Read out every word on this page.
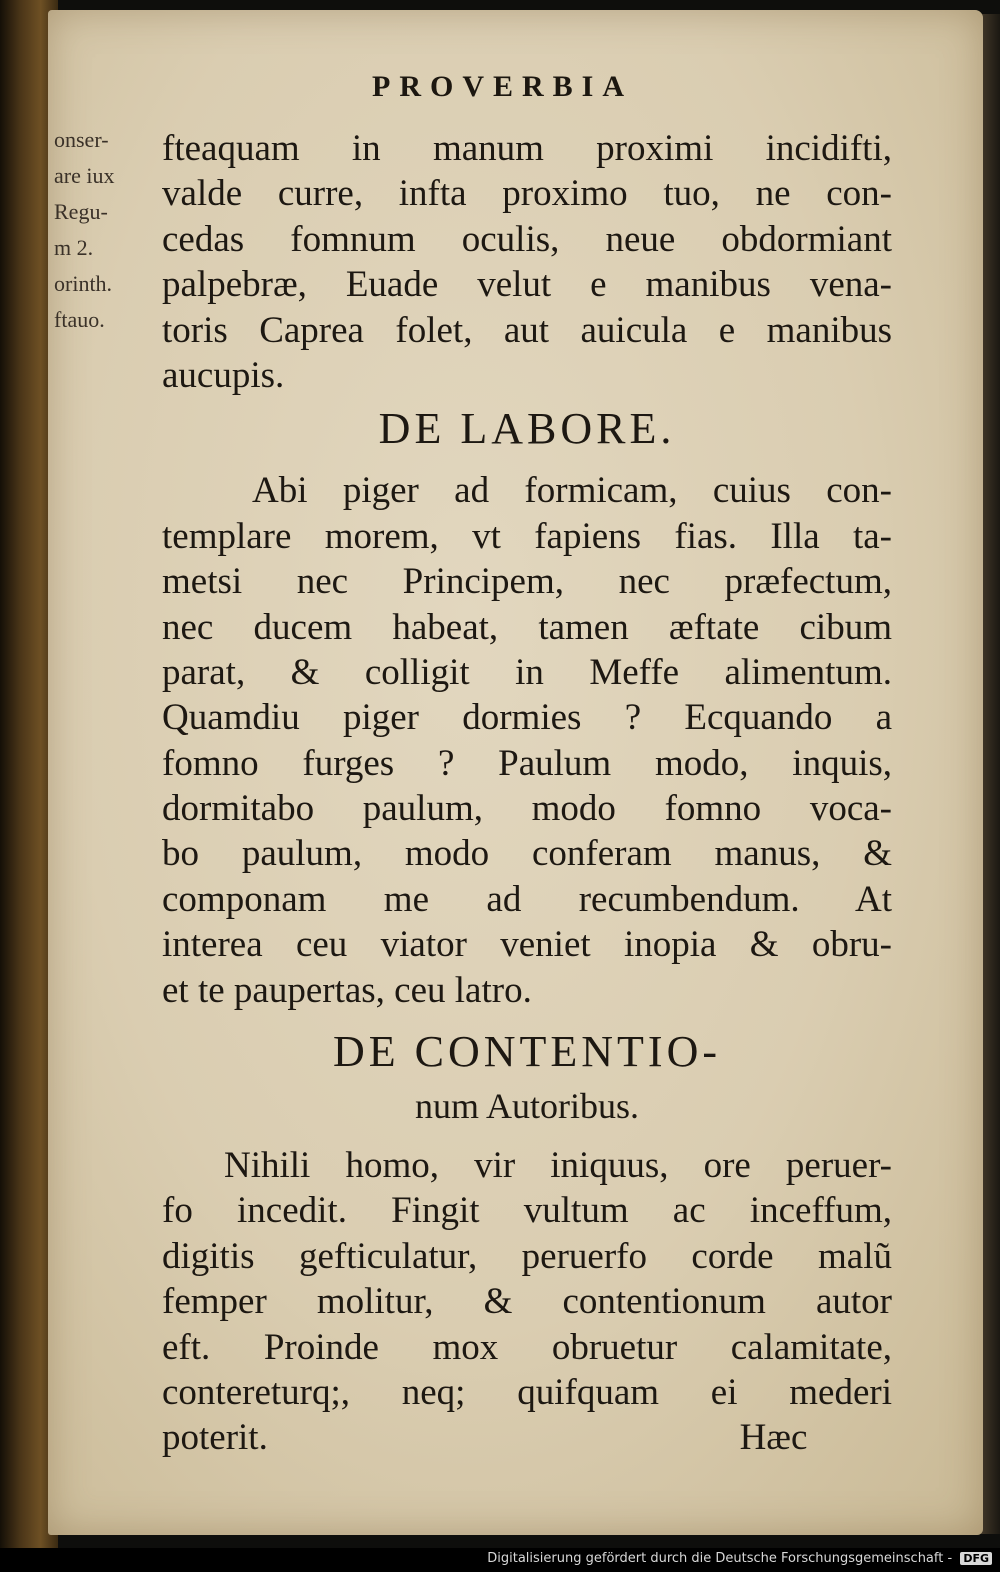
PROVERBIA
onser-
are iux
Regu-
m 2.
orinth.
ftauo.
fteaquam in manum proximi incidifti,
valde curre, infta proximo tuo, ne con-
cedas fomnum oculis, neue obdormiant
palpebræ, Euade velut e manibus vena-
toris Caprea folet, aut auicula e manibus
aucupis.
DE LABORE.
Abi piger ad formicam, cuius con-
templare morem, vt fapiens fias. Illa ta-
metsi nec Principem, nec præfectum,
nec ducem habeat, tamen æftate cibum
parat, & colligit in Meffe alimentum.
Quamdiu piger dormies ? Ecquando a
fomno furges ? Paulum modo, inquis,
dormitabo paulum, modo fomno voca-
bo paulum, modo conferam manus, &
componam me ad recumbendum. At
interea ceu viator veniet inopia & obru-
et te paupertas, ceu latro.
DE CONTENTIO-
num Autoribus.
Nihili homo, vir iniquus, ore peruer-
fo incedit. Fingit vultum ac inceffum,
digitis gefticulatur, peruerfo corde malũ
femper molitur, & contentionum autor
eft. Proinde mox obruetur calamitate,
contereturq;, neq; quifquam ei mederi
poterit.                                                   Hæc
Digitalisierung gefördert durch die Deutsche Forschungsgemeinschaft - DFG
